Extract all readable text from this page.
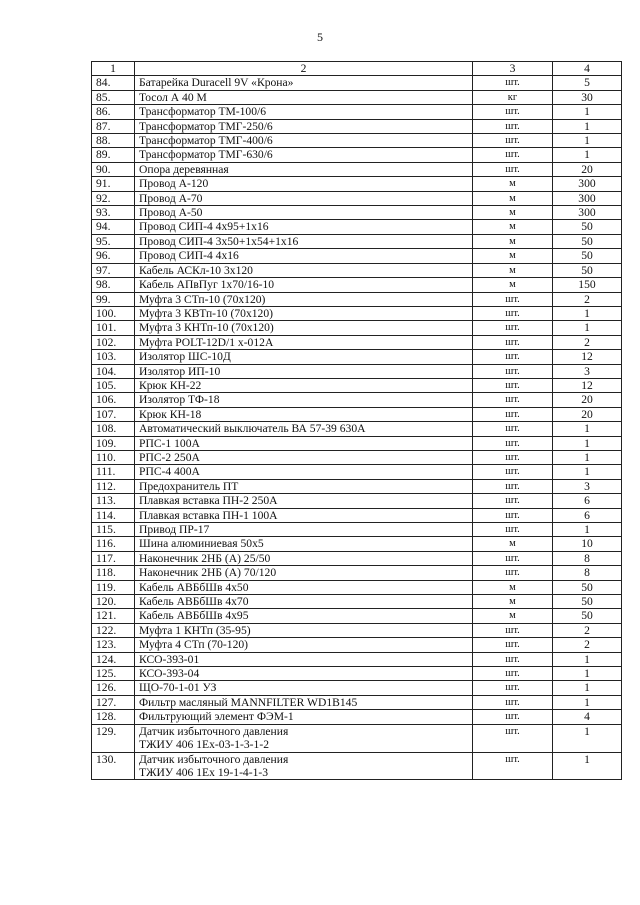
5
1	2	3	4
84.	Батарейка Duracell 9V «Крона»	шт.	5
85.	Тосол А 40 М	кг	30
86.	Трансформатор ТМ-100/6	шт.	1
87.	Трансформатор ТМГ-250/6	шт.	1
88.	Трансформатор ТМГ-400/6	шт.	1
89.	Трансформатор ТМГ-630/6	шт.	1
90.	Опора деревянная	шт.	20
91.	Провод А-120	м	300
92.	Провод А-70	м	300
93.	Провод А-50	м	300
94.	Провод СИП-4 4х95+1х16	м	50
95.	Провод СИП-4 3х50+1х54+1х16	м	50
96.	Провод СИП-4 4х16	м	50
97.	Кабель АСКл-10 3х120	м	50
98.	Кабель АПвПуг 1х70/16-10	м	150
99.	Муфта 3 СТп-10 (70х120)	шт.	2
100.	Муфта 3 КВТп-10 (70х120)	шт.	1
101.	Муфта 3 КНТп-10 (70х120)	шт.	1
102.	Муфта POLT-12D/1 х-012А	шт.	2
103.	Изолятор ШС-10Д	шт.	12
104.	Изолятор ИП-10	шт.	3
105.	Крюк КН-22	шт.	12
106.	Изолятор ТФ-18	шт.	20
107.	Крюк КН-18	шт.	20
108.	Автоматический выключатель ВА 57-39 630А	шт.	1
109.	РПС-1 100А	шт.	1
110.	РПС-2 250А	шт.	1
111.	РПС-4 400А	шт.	1
112.	Предохранитель ПТ	шт.	3
113.	Плавкая вставка ПН-2 250А	шт.	6
114.	Плавкая вставка ПН-1 100А	шт.	6
115.	Привод ПР-17	шт.	1
116.	Шина алюминиевая 50х5	м	10
117.	Наконечник 2НБ (А) 25/50	шт.	8
118.	Наконечник 2НБ (А) 70/120	шт.	8
119.	Кабель АВБбШв 4х50	м	50
120.	Кабель АВБбШв 4х70	м	50
121.	Кабель АВБбШв 4х95	м	50
122.	Муфта 1 КНТп (35-95)	шт.	2
123.	Муфта 4 СТп (70-120)	шт.	2
124.	КСО-393-01	шт.	1
125.	КСО-393-04	шт.	1
126.	ЩО-70-1-01 УЗ	шт.	1
127.	Фильтр масляный MANNFILTER WD1B145	шт.	1
128.	Фильтрующий элемент ФЭМ-1	шт.	4
129.	Датчик избыточного давления
ТЖИУ 406 1Ех-03-1-3-1-2	шт.	1
130.	Датчик избыточного давления
ТЖИУ 406 1Ех 19-1-4-1-3	шт.	1
